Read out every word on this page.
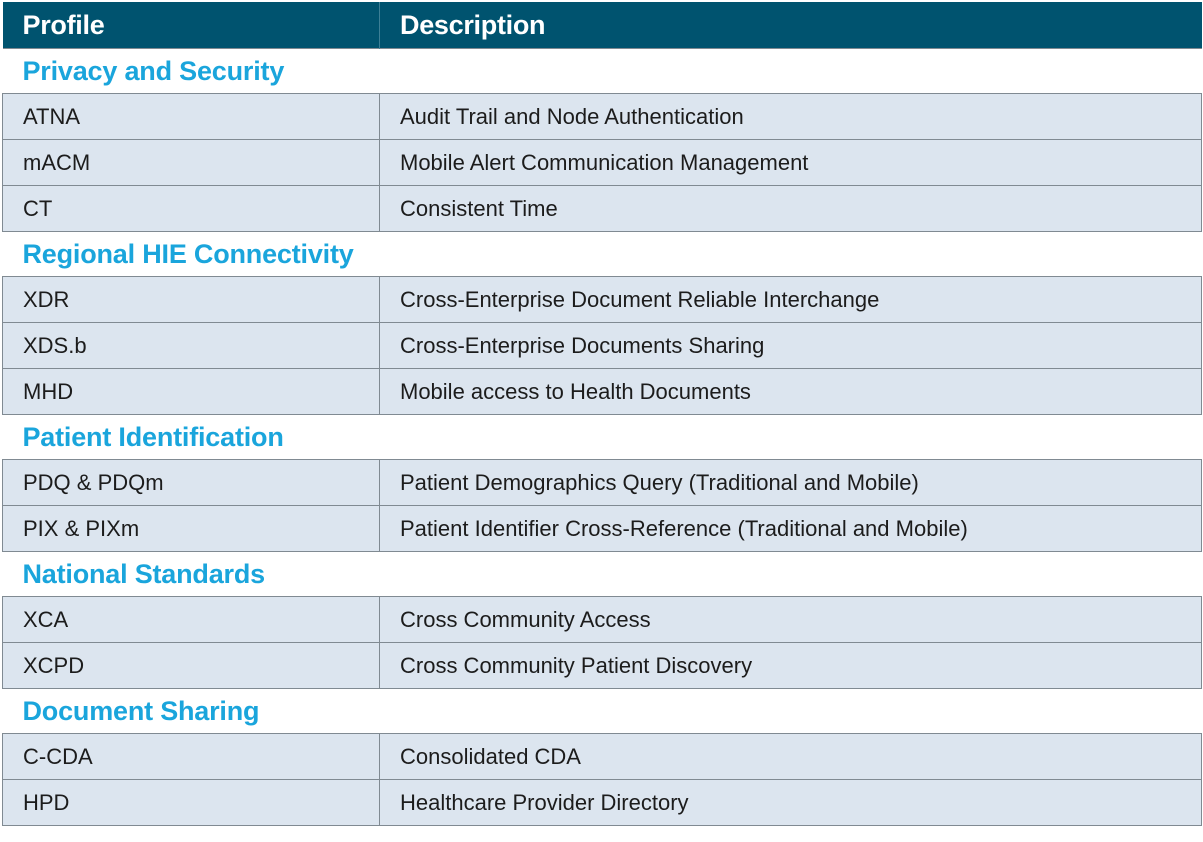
Profile	Description
Privacy and Security	
ATNA	Audit Trail and Node Authentication
mACM	Mobile Alert Communication Management
CT	Consistent Time
Regional HIE Connectivity	
XDR	Cross-Enterprise Document Reliable Interchange
XDS.b	Cross-Enterprise Documents Sharing
MHD	Mobile access to Health Documents
Patient Identification	
PDQ & PDQm	Patient Demographics Query (Traditional and Mobile)
PIX & PIXm	Patient Identifier Cross-Reference (Traditional and Mobile)
National Standards	
XCA	Cross Community Access
XCPD	Cross Community Patient Discovery
Document Sharing	
C-CDA	Consolidated CDA
HPD	Healthcare Provider Directory
